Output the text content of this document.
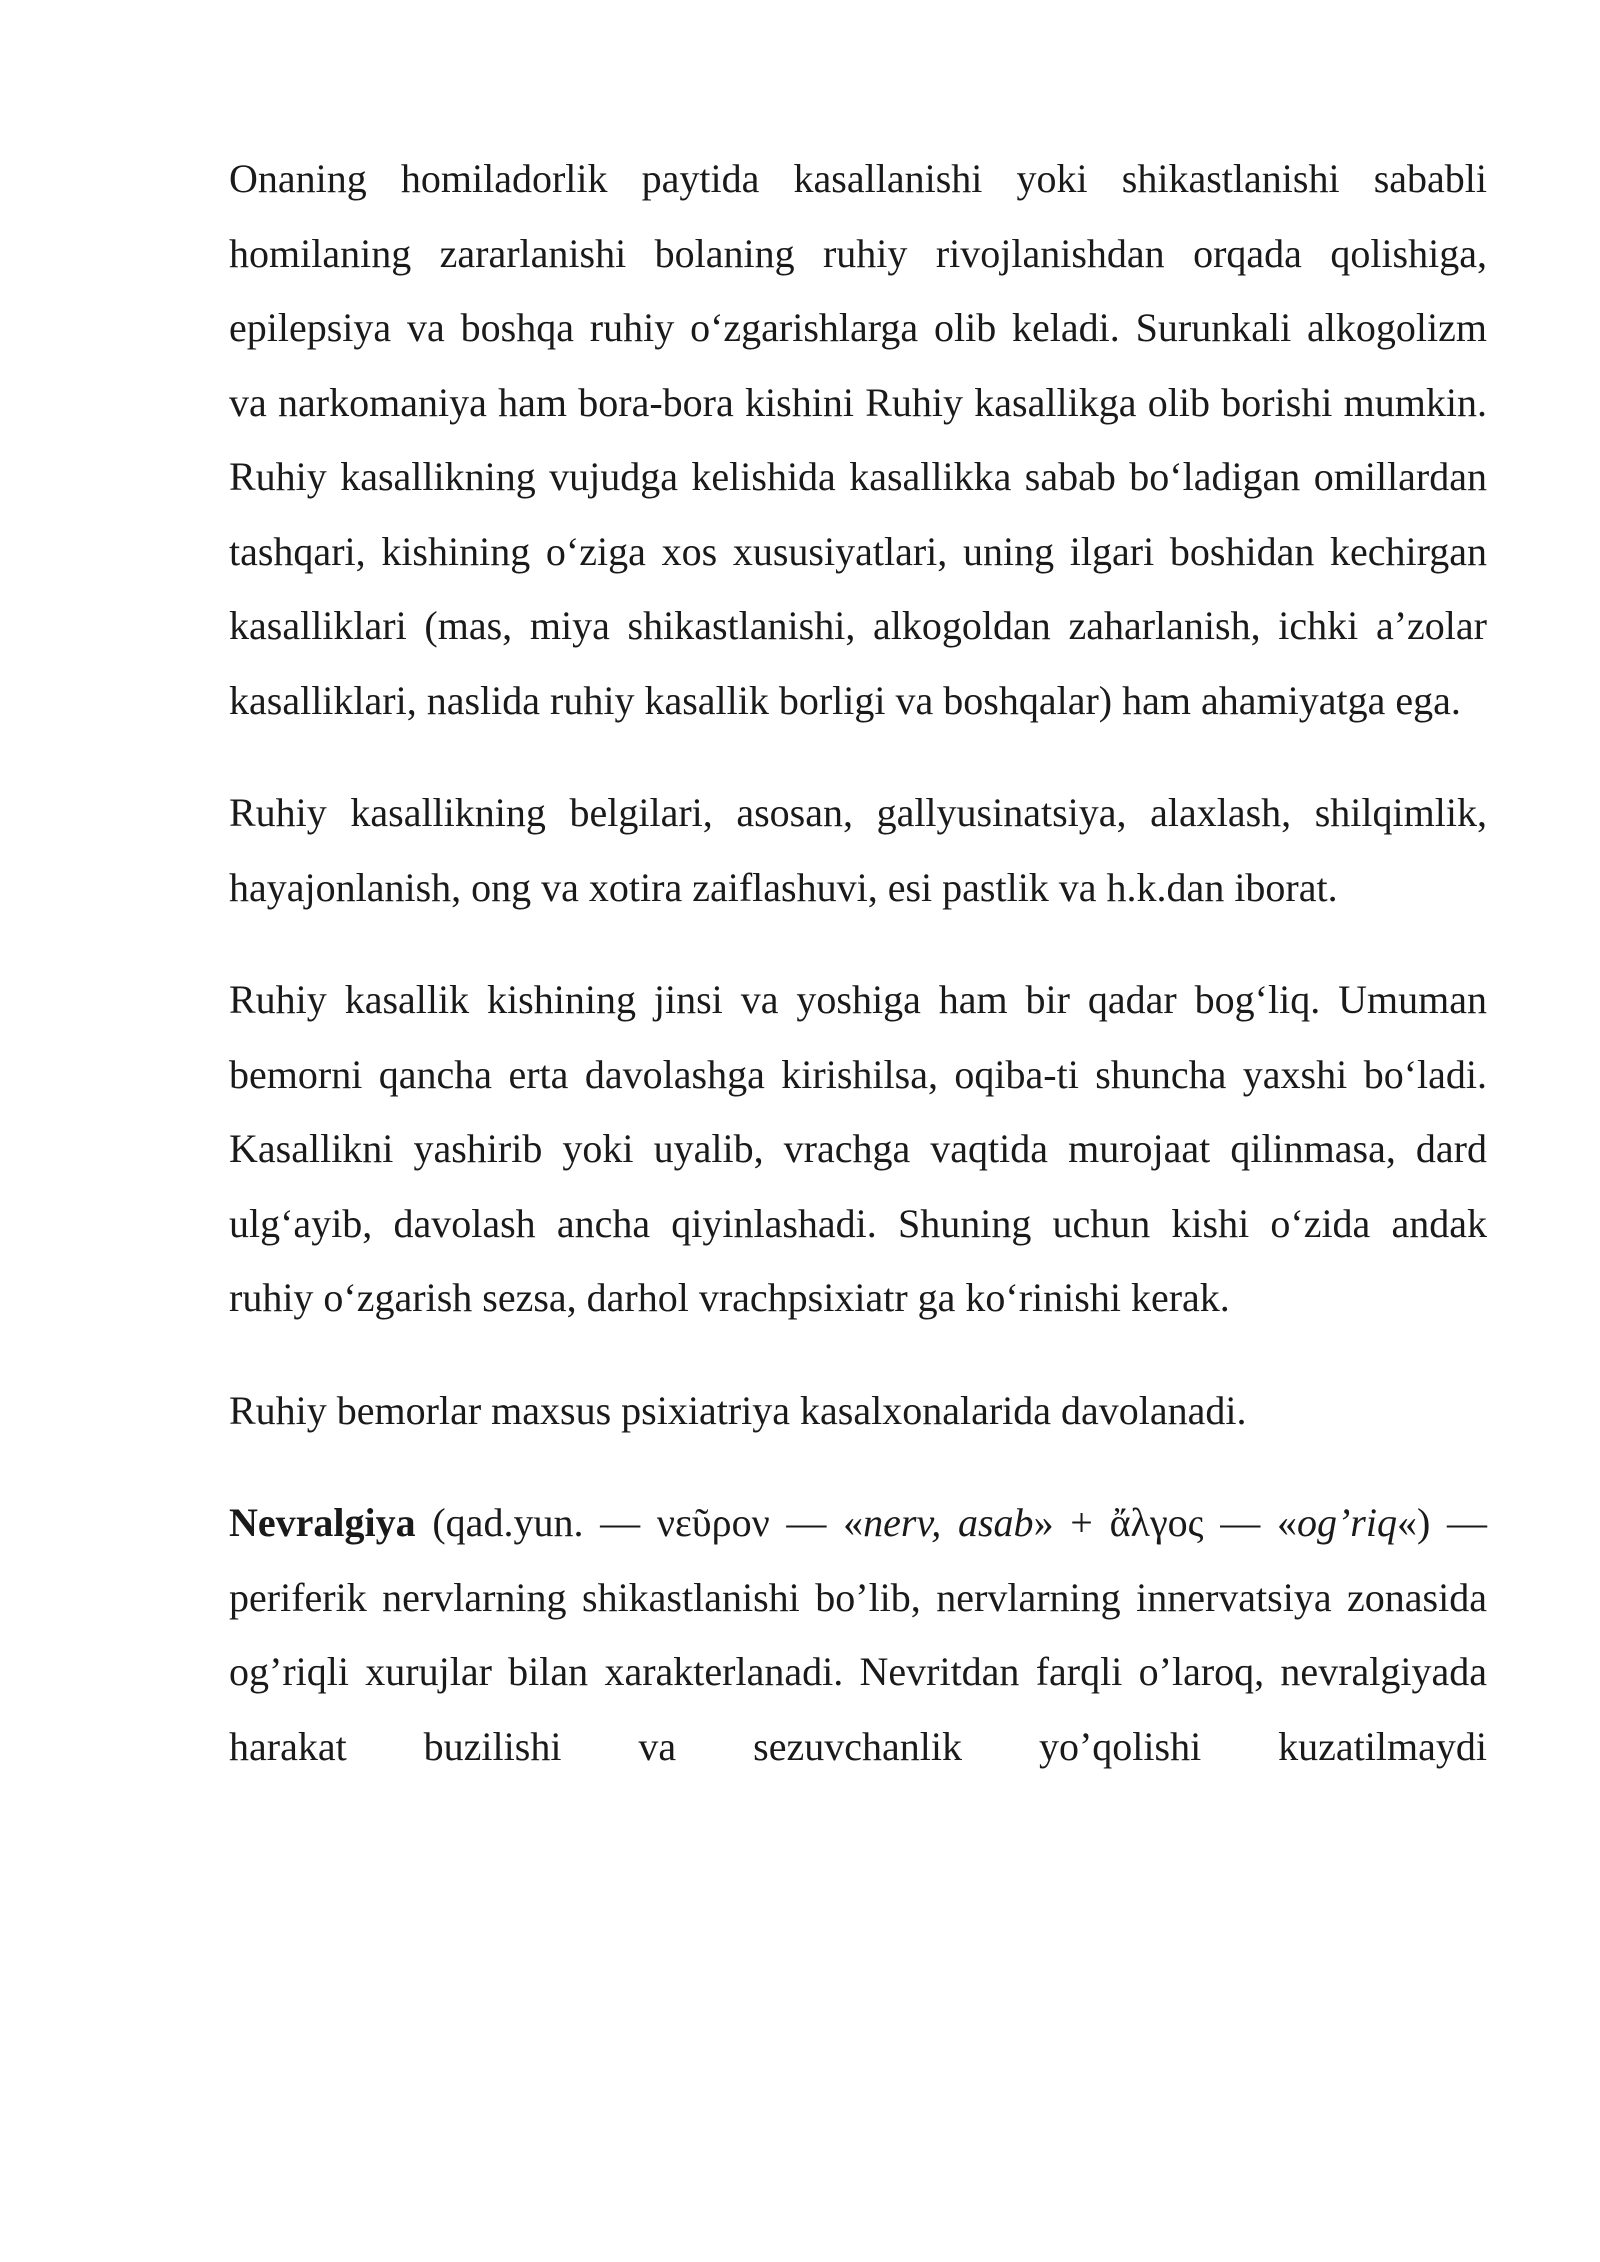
Onaning homiladorlik paytida kasallanishi yoki shikastlanishi sababli homilaning zararlanishi bolaning ruhiy rivojlanishdan orqada qolishiga, epilepsiya va boshqa ruhiy o‘zgarishlarga olib keladi. Surunkali alkogolizm va narkomaniya ham bora-bora kishini Ruhiy kasallikga olib borishi mumkin. Ruhiy kasallikning vujudga kelishida kasallikka sabab bo‘ladigan omillardan tashqari, kishining o‘ziga xos xususiyatlari, uning ilgari boshidan kechirgan kasalliklari (mas, miya shikastlanishi, alkogoldan zaharlanish, ichki a’zolar kasalliklari, naslida ruhiy kasallik borligi va boshqalar) ham ahamiyatga ega.

Ruhiy kasallikning belgilari, asosan, gallyusinatsiya, alaxlash, shilqimlik, hayajonlanish, ong va xotira zaiflashuvi, esi pastlik va h.k.dan iborat.

Ruhiy kasallik kishining jinsi va yoshiga ham bir qadar bog‘liq. Umuman bemorni qancha erta davolashga kirishilsa, oqiba-ti shuncha yaxshi bo‘ladi. Kasallikni yashirib yoki uyalib, vrachga vaqtida murojaat qilinmasa, dard ulg‘ayib, davolash ancha qiyinlashadi. Shuning uchun kishi o‘zida andak ruhiy o‘zgarish sezsa, darhol vrachpsixiatr ga ko‘rinishi kerak.

Ruhiy bemorlar maxsus psixiatriya kasalxonalarida davolanadi.

Nevralgiya (qad.yun. — νεῦρον — «nerv, asab» + ἄλγος — «og’riq«) — periferik nervlarning shikastlanishi bo’lib, nervlarning innervatsiya zonasida og’riqli xurujlar bilan xarakterlanadi. Nevritdan farqli o’laroq, nevralgiyada harakat buzilishi va sezuvchanlik yo’qolishi kuzatilmaydi
